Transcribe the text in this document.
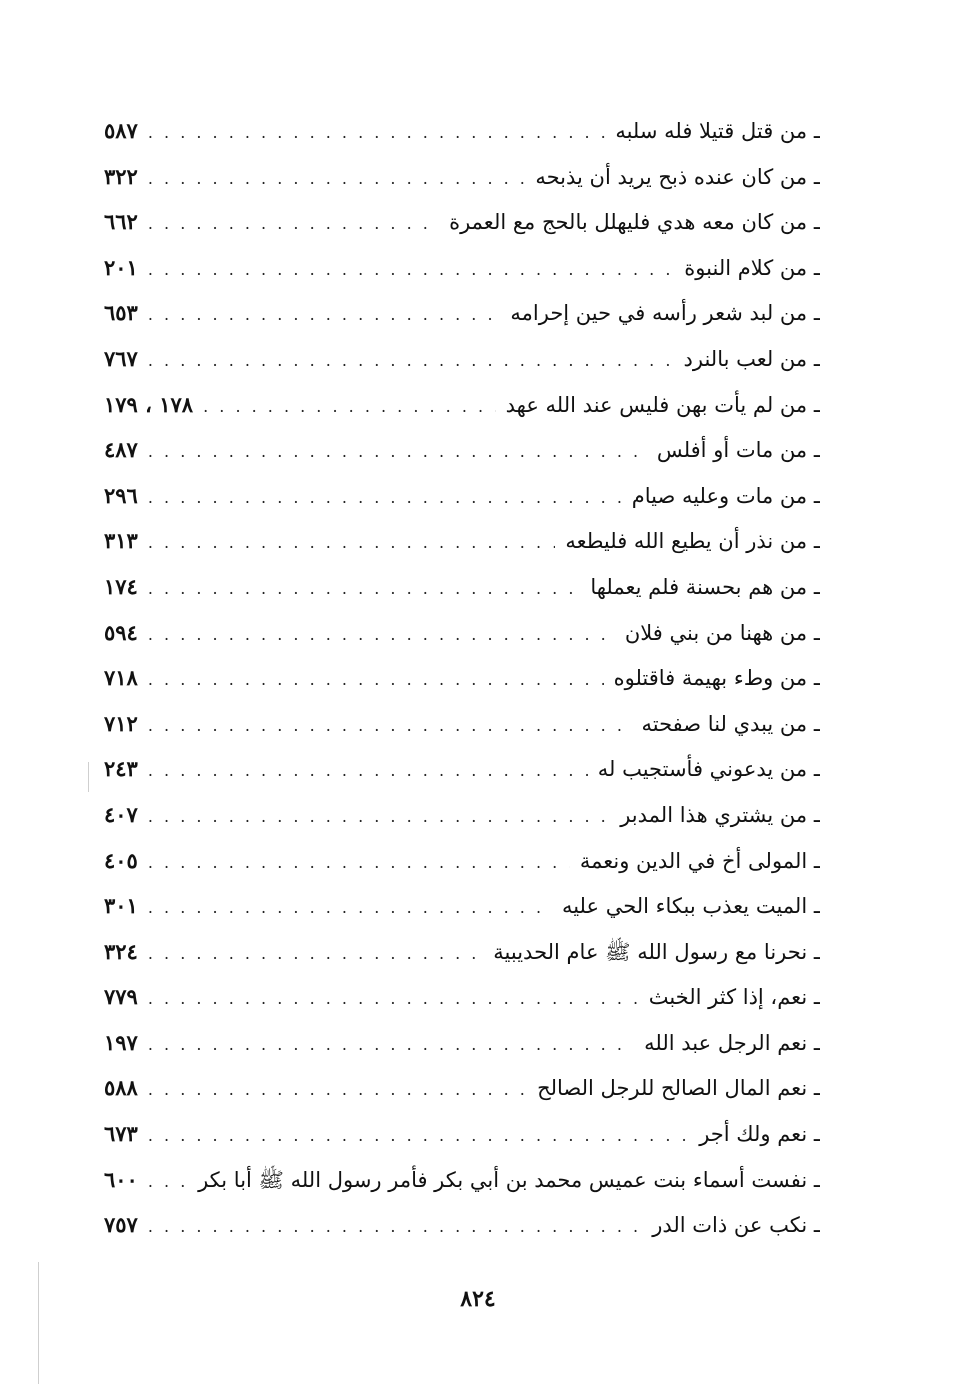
ـ من قتل قتيلا فله سلبه
. . .
٥٨٧
ـ من كان عنده ذبح يريد أن يذبحه
. . .
٣٢٢
ـ من كان معه هدي فليهلل بالحج مع العمرة
. . .
٦٦٢
ـ من كلام النبوة
. . .
٢٠١
ـ من لبد شعر رأسه في حين إحرامه
. . .
٦٥٣
ـ من لعب بالنرد
. . .
٧٦٧
ـ من لم يأت بهن فليس عند الله عهد
. . .
١٧٨ ، ١٧٩
ـ من مات أو أفلس
. . .
٤٨٧
ـ من مات وعليه صيام
. . .
٢٩٦
ـ من نذر أن يطيع الله فليطعه
. . .
٣١٣
ـ من هم بحسنة فلم يعملها
. . .
١٧٤
ـ من ههنا من بني فلان
. . .
٥٩٤
ـ من وطء بهيمة فاقتلوه
. . .
٧١٨
ـ من يبدي لنا صفحته
. . .
٧١٢
ـ من يدعوني فأستجيب له
. . .
٢٤٣
ـ من يشتري هذا المدبر
. . .
٤٠٧
ـ المولى أخ في الدين ونعمة
. . .
٤٠٥
ـ الميت يعذب ببكاء الحي عليه
. . .
٣٠١
ـ نحرنا مع رسول الله ﷺ عام الحديبية
. . .
٣٢٤
ـ نعم، إذا كثر الخبث
. . .
٧٧٩
ـ نعم الرجل عبد الله
. . .
١٩٧
ـ نعم المال الصالح للرجل الصالح
. . .
٥٨٨
ـ نعم ولك أجر
. . .
٦٧٣
ـ نفست أسماء بنت عميس محمد بن أبي بكر فأمر رسول الله ﷺ أبا بكر
. . .
٦٠٠
ـ نكب عن ذات الدر
. . .
٧٥٧
٨٢٤
